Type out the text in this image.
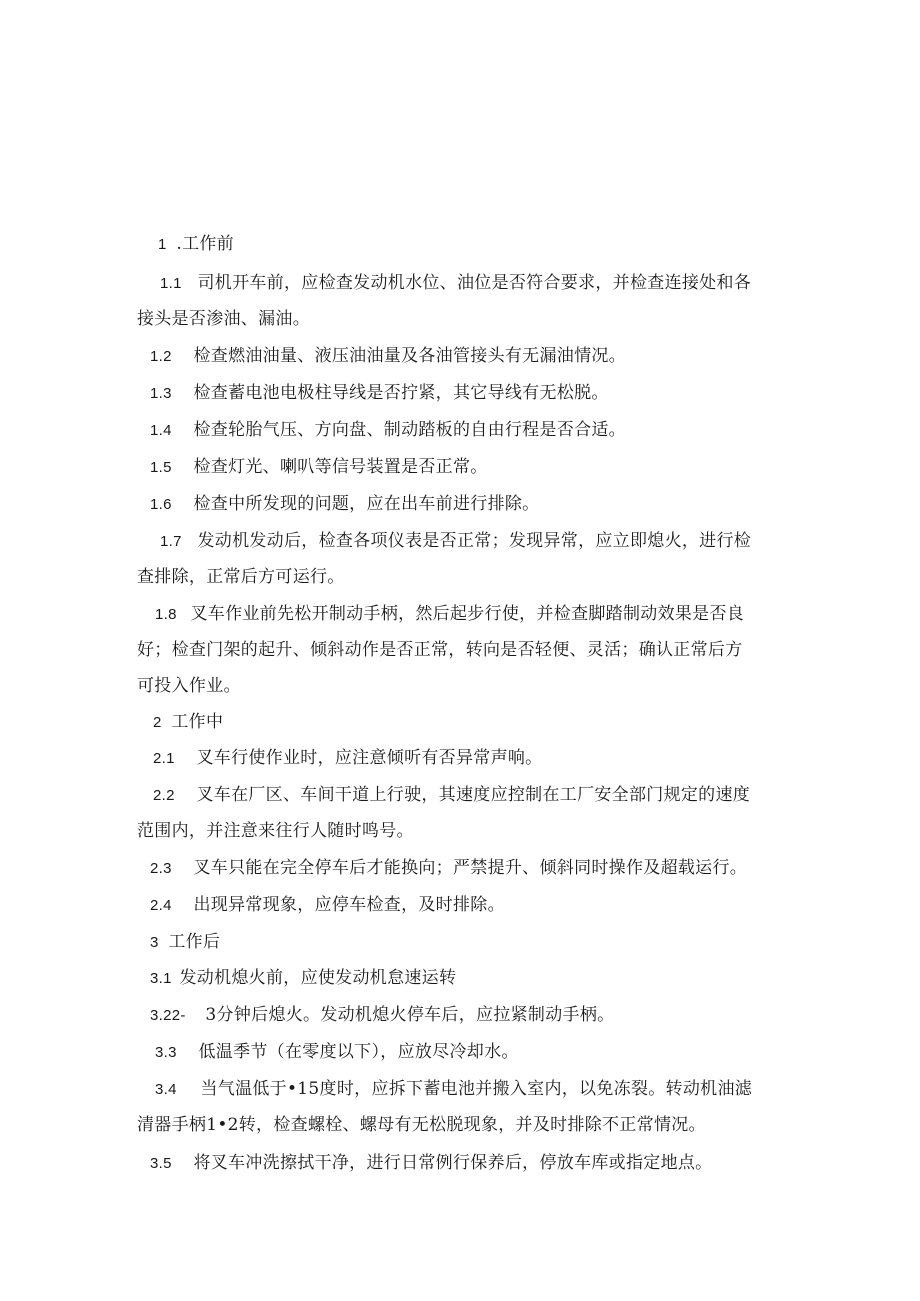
1 .工作前
1.1 司机开车前，应检查发动机水位、油位是否符合要求，并检查连接处和各
接头是否渗油、漏油。
1.2 检查燃油油量、液压油油量及各油管接头有无漏油情况。
1.3 检查蓄电池电极柱导线是否拧紧，其它导线有无松脱。
1.4 检查轮胎气压、方向盘、制动踏板的自由行程是否合适。
1.5 检查灯光、喇叭等信号装置是否正常。
1.6 检查中所发现的问题，应在出车前进行排除。
1.7 发动机发动后，检查各项仪表是否正常；发现异常，应立即熄火，进行检
查排除，正常后方可运行。
1.8 叉车作业前先松开制动手柄，然后起步行使，并检查脚踏制动效果是否良
好；检查门架的起升、倾斜动作是否正常，转向是否轻便、灵活；确认正常后方
可投入作业。
2 工作中
2.1 叉车行使作业时，应注意倾听有否异常声响。
2.2 叉车在厂区、车间干道上行驶，其速度应控制在工厂安全部门规定的速度
范围内，并注意来往行人随时鸣号。
2.3 叉车只能在完全停车后才能换向；严禁提升、倾斜同时操作及超载运行。
2.4 出现异常现象，应停车检查，及时排除。
3 工作后
3.1 发动机熄火前，应使发动机怠速运转
3.22- 3分钟后熄火。发动机熄火停车后，应拉紧制动手柄。
3.3 低温季节（在零度以下），应放尽冷却水。
3.4 当气温低于•15度时，应拆下蓄电池并搬入室内，以免冻裂。转动机油滤
清器手柄1•2转，检查螺栓、螺母有无松脱现象，并及时排除不正常情况。
3.5 将叉车冲洗擦拭干净，进行日常例行保养后，停放车库或指定地点。
